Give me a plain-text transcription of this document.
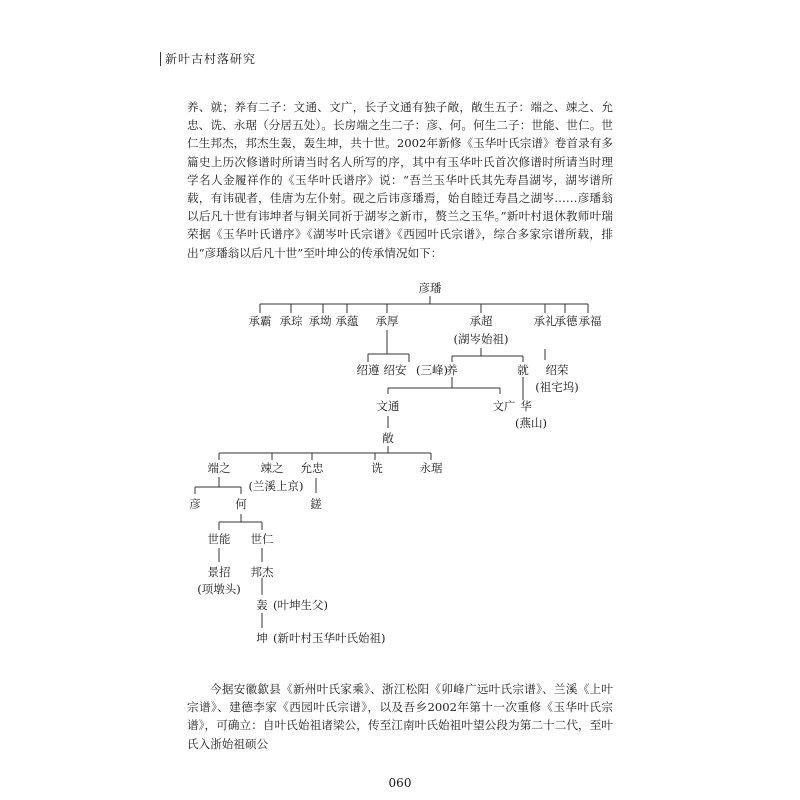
新叶古村落研究

养、就；养有二子：文通、文广，长子文通有独子敞，敞生五子：端之、竦之、允忠、诜、永琚（分居五处）。长房端之生二子：彦、何。何生二子：世能、世仁。世仁生邦杰，邦杰生轰，轰生坤，共十世。2002年新修《玉华叶氏宗谱》卷首录有多篇史上历次修谱时所请当时名人所写的序，其中有玉华叶氏首次修谱时所请当时理学名人金履祥作的《玉华叶氏谱序》说：“吾兰玉华叶氏其先寿昌湖岑，湖岑谱所载，有讳砚者，佳唐为左仆射。砚之后讳彦璠焉，始自睦迁寿昌之湖岑……彦璠翁以后凡十世有讳坤者与铜关同祈于湖岑之新市，赘兰之玉华。”新叶村退休教师叶瑞荣据《玉华叶氏谱序》《湖岑叶氏宗谱》《西园叶氏宗谱》，综合多家宗谱所载，排出“彦璠翁以后凡十世”至叶坤公的传承情况如下：

彦璠
承霸 承琮 承坳 承蕴 承厚	承超	承礼
承德 承福
(湖岑始祖)
绍遵 绍安 (三峰)
养	就 绍荣
(祖宅坞)
文通	文广 华
(燕山)
敞
端之	竦之 允忠	诜	永琚
(兰溪上京)
彦	何	鎈
世能 世仁
景招
(项墩头)
邦杰
轰 (叶坤生父)
坤 (新叶村玉华叶氏始祖)

今据安徽歙县《新州叶氏家乘》、浙江松阳《卯峰广远叶氏宗谱》、兰溪《上叶宗谱》、建德李家《西园叶氏宗谱》，以及吾乡2002年第十一次重修《玉华叶氏宗谱》，可确立：自叶氏始祖诸梁公，传至江南叶氏始祖叶望公段为第二十二代，至叶氏入浙始祖硕公

060
